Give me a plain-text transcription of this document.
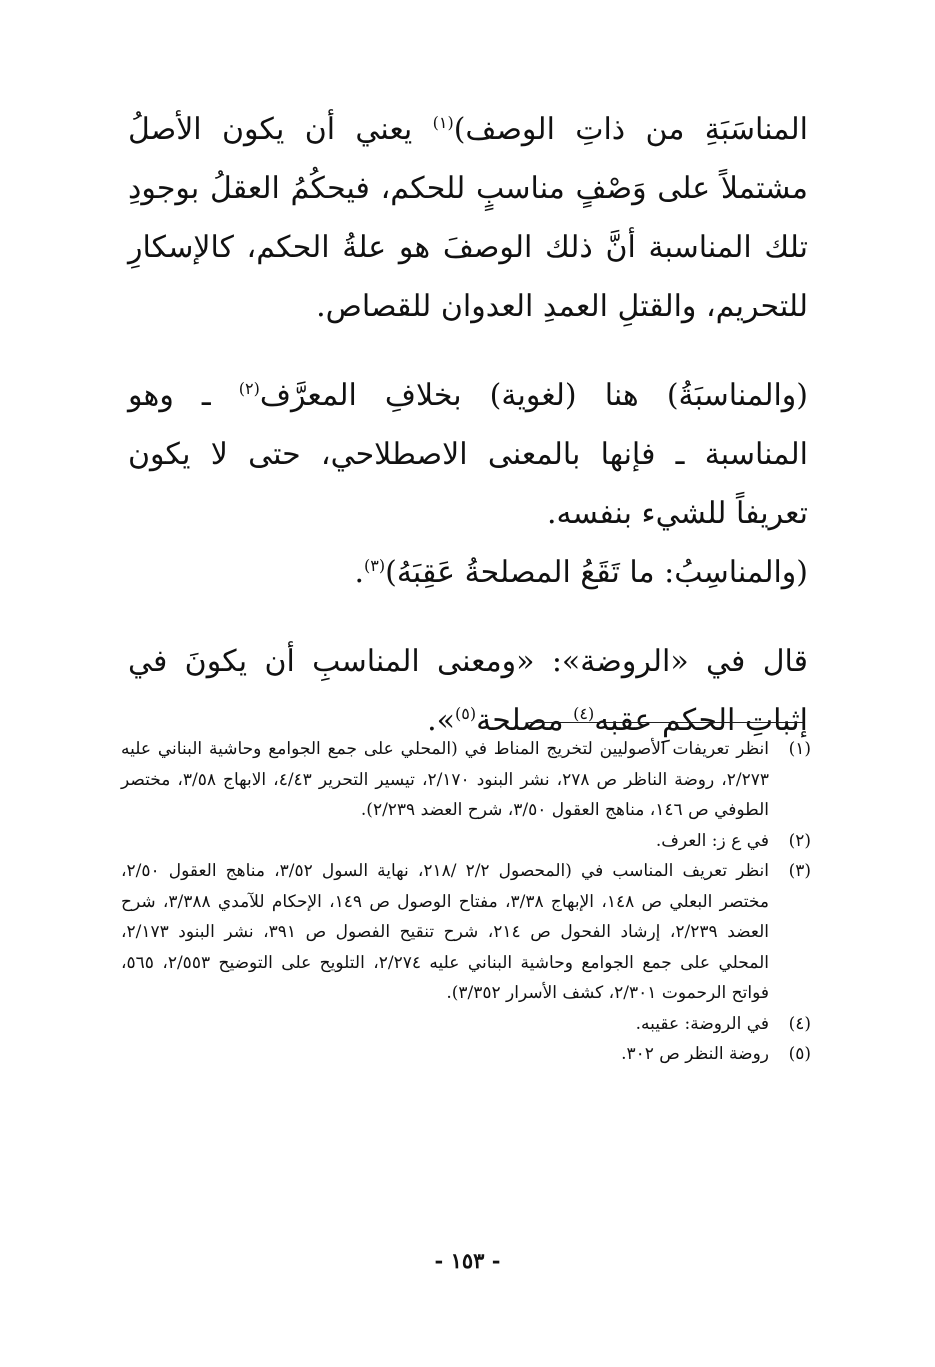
المناسَبَةِ من ذاتِ الوصف)$^{(١)}$ يعني أن يكون الأصلُ مشتملاً على وَصْفٍ مناسبٍ للحكم، فيحكُمُ العقلُ بوجودِ تلك المناسبة أنَّ ذلك الوصفَ هو علةُ الحكم، كالإسكارِ للتحريم، والقتلِ العمدِ العدوان للقصاص.

(والمناسبَةُ) هنا (لغوية) بخلافِ المعرَّف$^{(٢)}$ ـ وهو المناسبة ـ فإنها بالمعنى الاصطلاحي، حتى لا يكون تعريفاً للشيء بنفسه.

(والمناسِبُ: ما تَقَعُ المصلحةُ عَقِبَهُ)$^{(٣)}$.

قال في «الروضة»: «ومعنى المناسبِ أن يكونَ في إثباتِ الحكمِ عقبه$^{(٤)}$ مصلحة$^{(٥)}$».

(١)
انظر تعريفات الأصوليين لتخريج المناط في (المحلي على جمع الجوامع وحاشية البناني عليه ٢/٢٧٣، روضة الناظر ص ٢٧٨، نشر البنود ٢/١٧٠، تيسير التحرير ٤/٤٣، الابهاج ٣/٥٨، مختصر الطوفي ص ١٤٦، مناهج العقول ٣/٥٠، شرح العضد ٢/٢٣٩).
(٢)
في ع ز: العرف.
(٣)
انظر تعريف المناسب في (المحصول ٢/٢ /٢١٨، نهاية السول ٣/٥٢، مناهج العقول ٢/٥٠، مختصر البعلي ص ١٤٨، الإبهاج ٣/٣٨، مفتاح الوصول ص ١٤٩، الإحكام للآمدي ٣/٣٨٨، شرح العضد ٢/٢٣٩، إرشاد الفحول ص ٢١٤، شرح تنقيح الفصول ص ٣٩١، نشر البنود ٢/١٧٣، المحلي على جمع الجوامع وحاشية البناني عليه ٢/٢٧٤، التلويح على التوضيح ٢/٥٥٣، ٥٦٥، فواتح الرحموت ٢/٣٠١، كشف الأسرار ٣/٣٥٢).
(٤)
في الروضة: عقيبه.
(٥)
روضة النظر ص ٣٠٢.
- ١٥٣ -
